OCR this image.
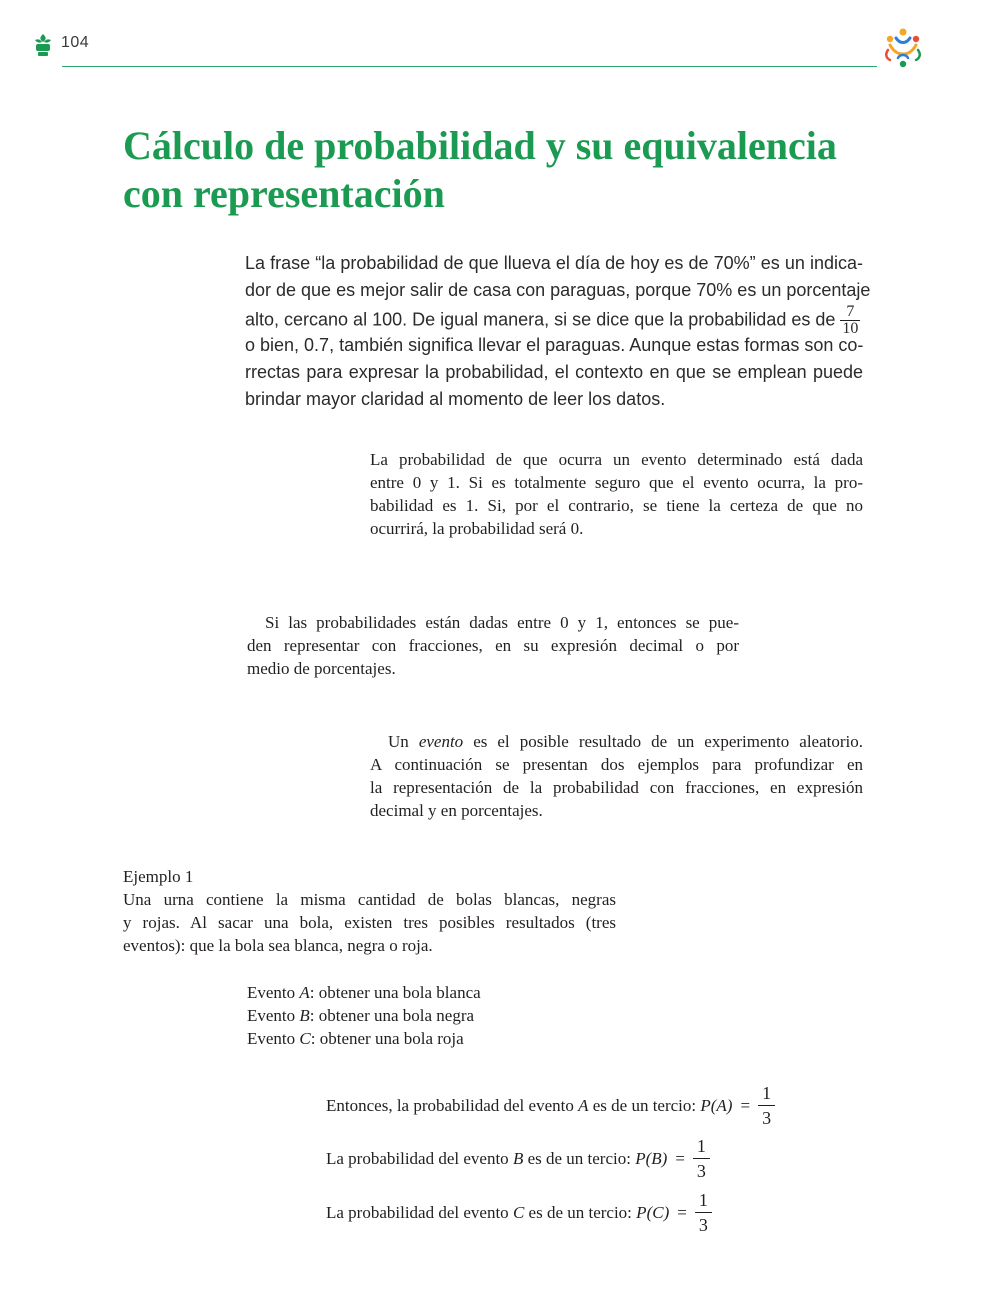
104
Cálculo de probabilidad y su equivalencia
con representación
La frase “la probabilidad de que llueva el día de hoy es de 70%” es un indica-
dor de que es mejor salir de casa con paraguas, porque 70% es un porcentaje
alto, cercano al 100. De igual manera, si se dice que la probabilidad es de $\frac{7}{10}$
o bien, 0.7, también significa llevar el paraguas. Aunque estas formas son co-
rrectas para expresar la probabilidad, el contexto en que se emplean puede
brindar mayor claridad al momento de leer los datos.
La probabilidad de que ocurra un evento determinado está dada
entre 0 y 1. Si es totalmente seguro que el evento ocurra, la pro-
babilidad es 1. Si, por el contrario, se tiene la certeza de que no
ocurrirá, la probabilidad será 0.
Si las probabilidades están dadas entre 0 y 1, entonces se pue-
den representar con fracciones, en su expresión decimal o por
medio de porcentajes.
Un evento es el posible resultado de un experimento aleatorio.
A continuación se presentan dos ejemplos para profundizar en
la representación de la probabilidad con fracciones, en expresión
decimal y en porcentajes.
Ejemplo 1
Una urna contiene la misma cantidad de bolas blancas, negras
y rojas. Al sacar una bola, existen tres posibles resultados (tres
eventos): que la bola sea blanca, negra o roja.
Evento A: obtener una bola blanca
Evento B: obtener una bola negra
Evento C: obtener una bola roja
Entonces, la probabilidad del evento A es de un tercio: $P(A) = \frac{1}{3}$
La probabilidad del evento B es de un tercio: $P(B) = \frac{1}{3}$
La probabilidad del evento C es de un tercio: $P(C) = \frac{1}{3}$
